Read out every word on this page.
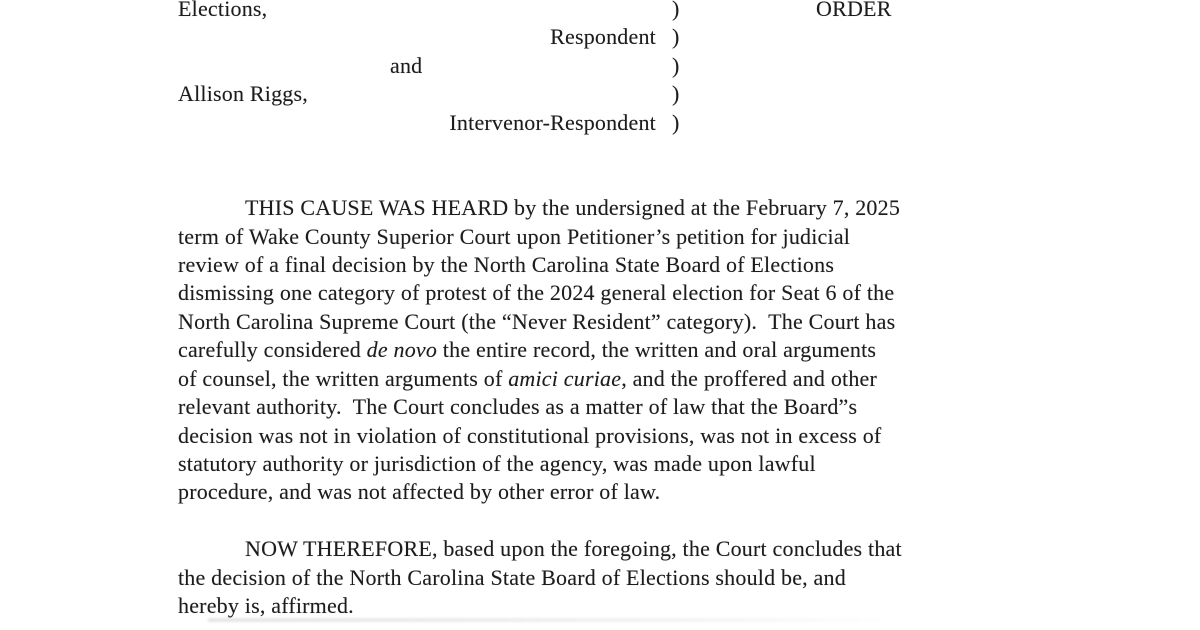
Elections,	)	ORDER
Respondent )
and	)
Allison Riggs,	)
Intervenor-Respondent )
THIS CAUSE WAS HEARD by the undersigned at the February 7, 2025
term of Wake County Superior Court upon Petitioner’s petition for judicial
review of a final decision by the North Carolina State Board of Elections
dismissing one category of protest of the 2024 general election for Seat 6 of the
North Carolina Supreme Court (the “Never Resident” category).  The Court has
carefully considered de novo the entire record, the written and oral arguments
of counsel, the written arguments of amici curiae, and the proffered and other
relevant authority.  The Court concludes as a matter of law that the Board”s
decision was not in violation of constitutional provisions, was not in excess of
statutory authority or jurisdiction of the agency, was made upon lawful
procedure, and was not affected by other error of law.
NOW THEREFORE, based upon the foregoing, the Court concludes that
the decision of the North Carolina State Board of Elections should be, and
hereby is, affirmed.
